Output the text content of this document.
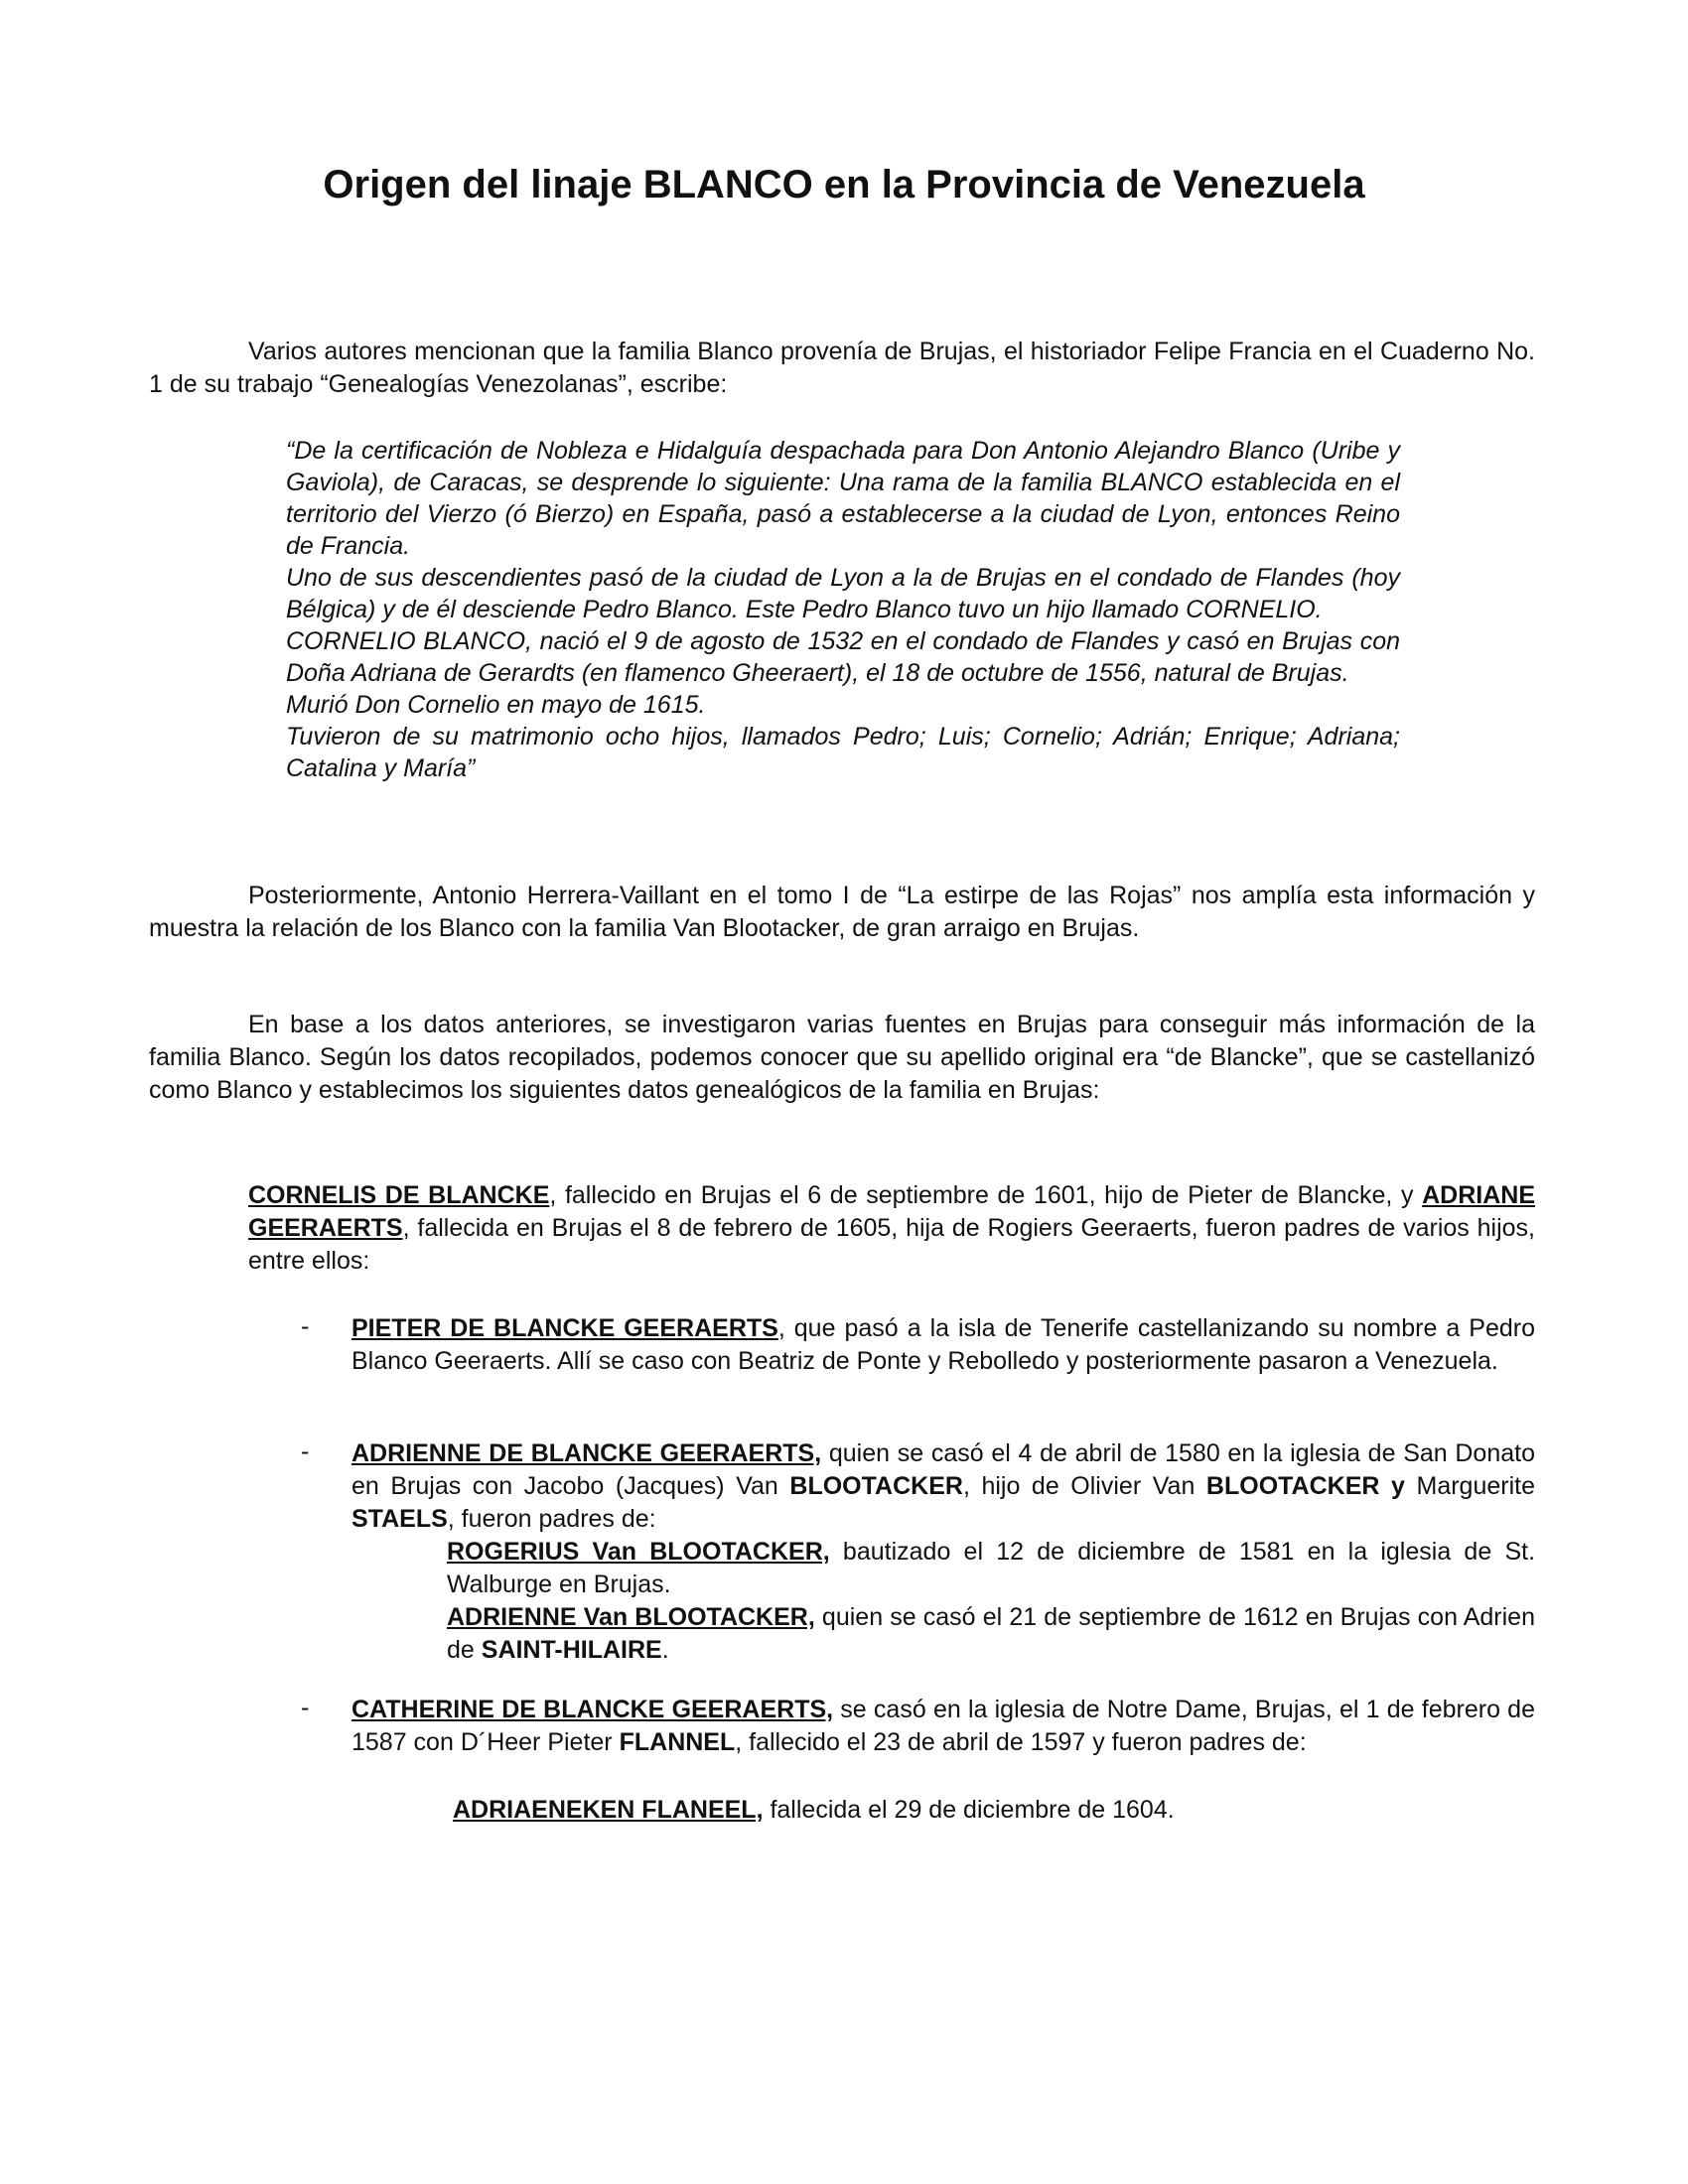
Origen del linaje BLANCO en la Provincia de Venezuela

Varios autores mencionan que la familia Blanco provenía de Brujas, el historiador Felipe Francia en el Cuaderno No. 1 de su trabajo “Genealogías Venezolanas”, escribe:

“De la certificación de Nobleza e Hidalguía despachada para Don Antonio Alejandro Blanco (Uribe y Gaviola), de Caracas, se desprende lo siguiente: Una rama de la familia BLANCO establecida en el territorio del Vierzo (ó Bierzo) en España, pasó a establecerse a la ciudad de Lyon, entonces Reino de Francia.

Uno de sus descendientes pasó de la ciudad de Lyon a la de Brujas en el condado de Flandes (hoy Bélgica) y de él desciende Pedro Blanco. Este Pedro Blanco tuvo un hijo llamado CORNELIO.

CORNELIO BLANCO, nació el 9 de agosto de 1532 en el condado de Flandes y casó en Brujas con Doña Adriana de Gerardts (en flamenco Gheeraert), el 18 de octubre de 1556, natural de Brujas.

Murió Don Cornelio en mayo de 1615.

Tuvieron de su matrimonio ocho hijos, llamados Pedro; Luis; Cornelio; Adrián; Enrique; Adriana; Catalina y María”

Posteriormente, Antonio Herrera-Vaillant en el tomo I de “La estirpe de las Rojas” nos amplía esta información y muestra la relación de los Blanco con la familia Van Blootacker, de gran arraigo en Brujas.

En base a los datos anteriores, se investigaron varias fuentes en Brujas para conseguir más información de la familia Blanco. Según los datos recopilados, podemos conocer que su apellido original era “de Blancke”, que se castellanizó como Blanco y establecimos los siguientes datos genealógicos de la familia en Brujas:

CORNELIS DE BLANCKE, fallecido en Brujas el 6 de septiembre de 1601, hijo de Pieter de Blancke, y ADRIANE GEERAERTS, fallecida en Brujas el 8 de febrero de 1605, hija de Rogiers Geeraerts, fueron padres de varios hijos, entre ellos:

- PIETER DE BLANCKE GEERAERTS, que pasó a la isla de Tenerife castellanizando su nombre a Pedro Blanco Geeraerts. Allí se caso con Beatriz de Ponte y Rebolledo y posteriormente pasaron a Venezuela.

- ADRIENNE DE BLANCKE GEERAERTS, quien se casó el 4 de abril de 1580 en la iglesia de San Donato en Brujas con Jacobo (Jacques) Van BLOOTACKER, hijo de Olivier Van BLOOTACKER y Marguerite STAELS, fueron padres de:

ROGERIUS Van BLOOTACKER, bautizado el 12 de diciembre de 1581 en la iglesia de St. Walburge en Brujas.

ADRIENNE Van BLOOTACKER, quien se casó el 21 de septiembre de 1612 en Brujas con Adrien de SAINT-HILAIRE.

- CATHERINE DE BLANCKE GEERAERTS, se casó en la iglesia de Notre Dame, Brujas, el 1 de febrero de 1587 con D´Heer Pieter FLANNEL, fallecido el 23 de abril de 1597 y fueron padres de:

ADRIAENEKEN FLANEEL, fallecida el 29 de diciembre de 1604.
